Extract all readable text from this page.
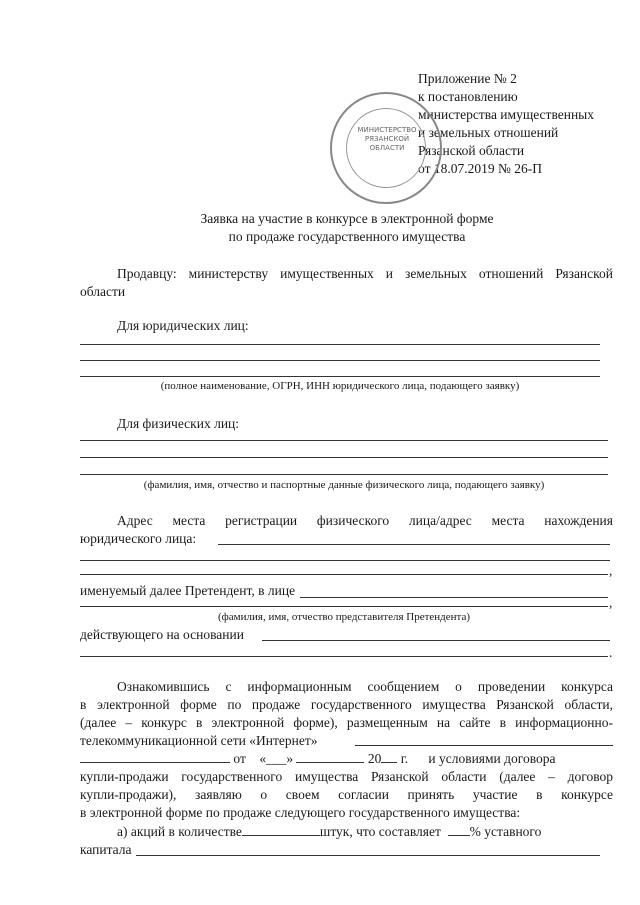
Приложение № 2
к постановлению
министерства имущественных
и земельных отношений
Рязанской области
от 18.07.2019 № 26-П
МИНИСТЕРСТВО
РЯЗАНСКОЙ
ОБЛАСТИ
Заявка на участие в конкурсе в электронной форме
по продаже государственного имущества
Продавцу: министерству имущественных и земельных отношений Рязанской
области
Для юридических лиц:
(полное наименование, ОГРН, ИНН юридического лица, подающего заявку)
Для физических лиц:
(фамилия, имя, отчество и паспортные данные физического лица, подающего заявку)
Адрес места регистрации физического лица/адрес места нахождения
юридического лица:
,
именуемый далее Претендент, в лице
,
(фамилия, имя, отчество представителя Претендента)
действующего на основании
.
Ознакомившись с информационным сообщением о проведении конкурса
в электронной форме по продаже государственного имущества Рязанской области,
(далее – конкурс в электронной форме), размещенным на сайте в информационно-
телекоммуникационной сети «Интернет»
от «___»	20 г. и условиями договора
купли-продажи государственного имущества Рязанской области (далее – договор
купли-продажи), заявляю о своем согласии принять участие в конкурсе
в электронной форме по продаже следующего государственного имущества:
а) акций в количестве	штук, что составляет % уставного
капитала
